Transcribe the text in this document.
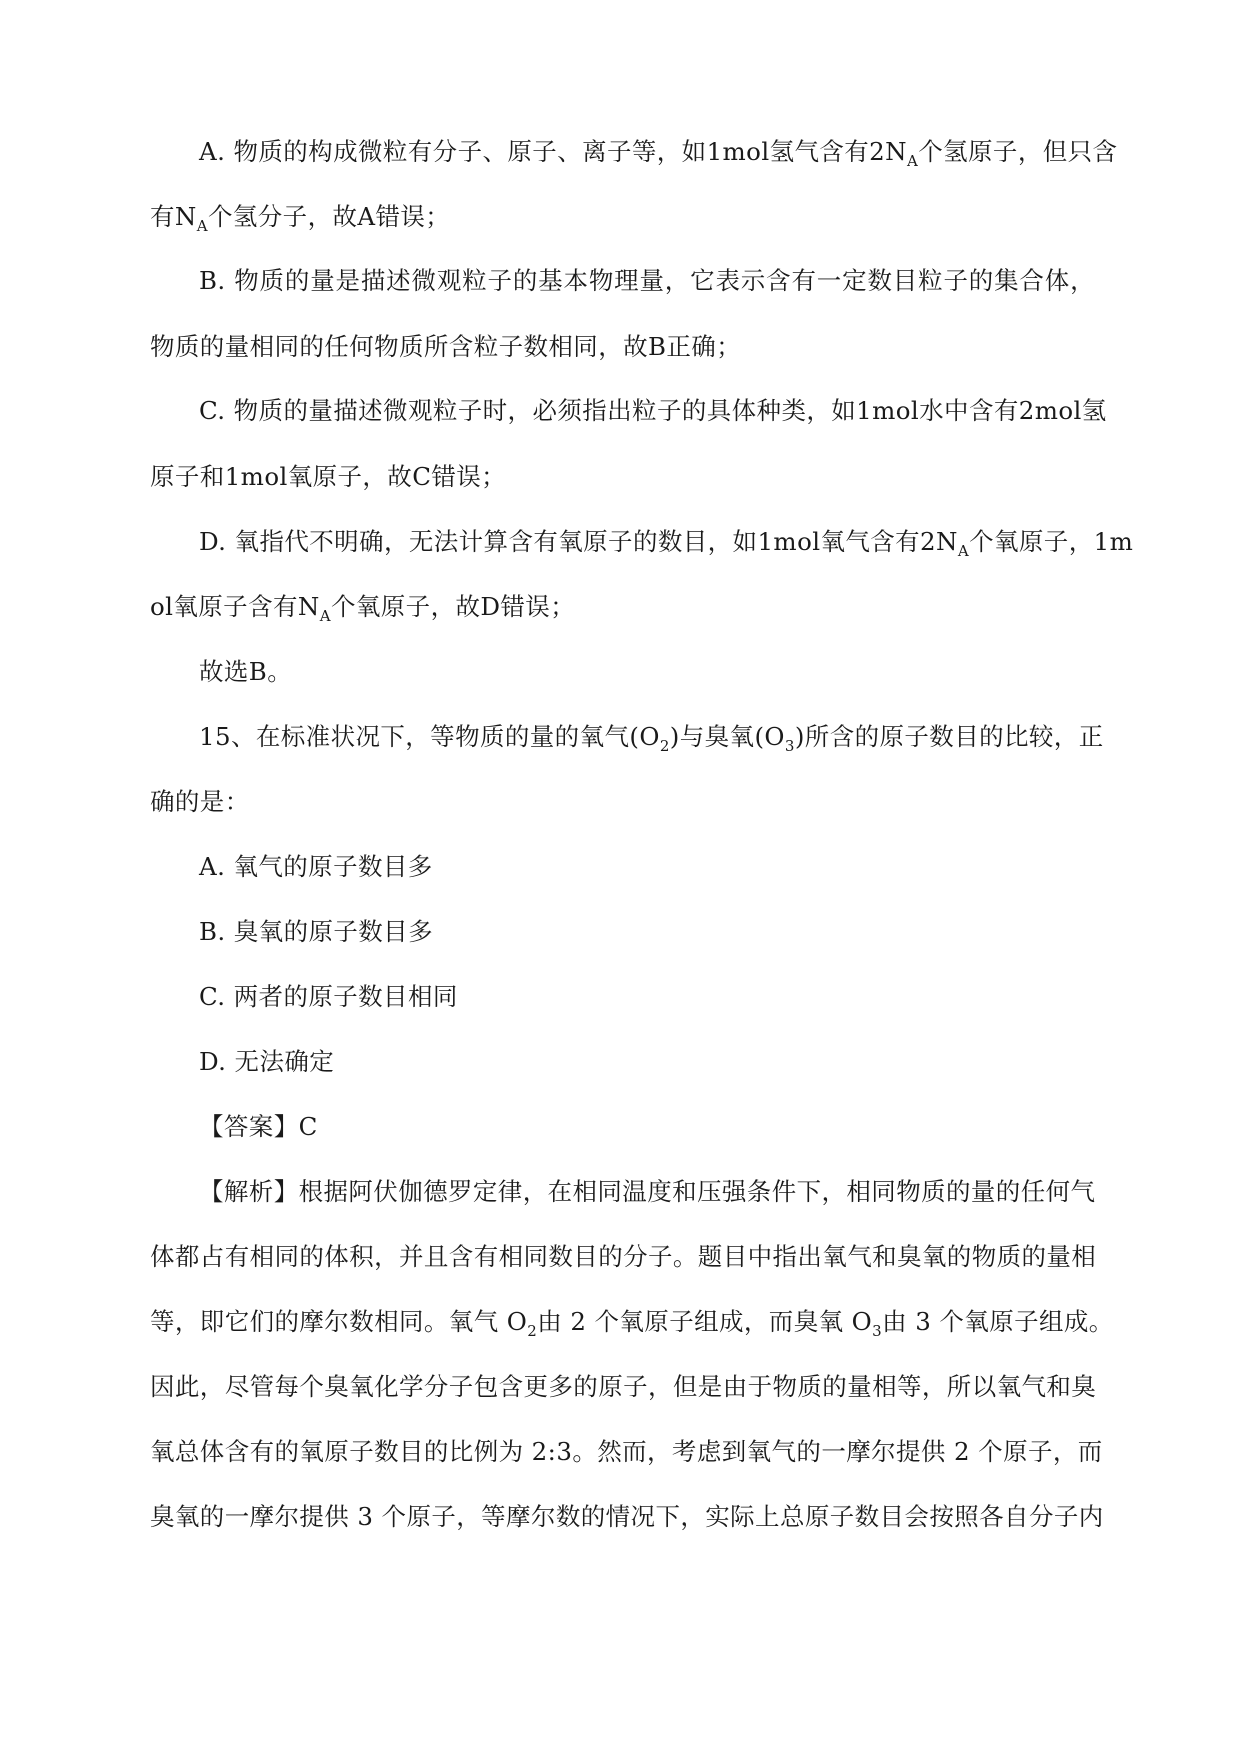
A. 物质的构成微粒有分子、原子、离子等，如1mol氢气含有$2N_A$个氢原子，但只含
有$N_A$个氢分子，故A错误；
B. 物质的量是描述微观粒子的基本物理量，它表示含有一定数目粒子的集合体，
物质的量相同的任何物质所含粒子数相同，故B正确；
C. 物质的量描述微观粒子时，必须指出粒子的具体种类，如1mol水中含有2mol氢
原子和1mol氧原子，故C错误；
D. 氧指代不明确，无法计算含有氧原子的数目，如1mol氧气含有$2N_A$个氧原子，1m
ol氧原子含有$N_A$个氧原子，故D错误；
故选B。
15、在标准状况下，等物质的量的氧气$(O_2)$与臭氧$(O_3)$所含的原子数目的比较，正
确的是：
A. 氧气的原子数目多
B. 臭氧的原子数目多
C. 两者的原子数目相同
D. 无法确定
【答案】C
【解析】根据阿伏伽德罗定律，在相同温度和压强条件下，相同物质的量的任何气
体都占有相同的体积，并且含有相同数目的分子。题目中指出氧气和臭氧的物质的量相
等，即它们的摩尔数相同。氧气 $O_2$由 2 个氧原子组成，而臭氧 $O_3$由 3 个氧原子组成。
因此，尽管每个臭氧化学分子包含更多的原子，但是由于物质的量相等，所以氧气和臭
氧总体含有的氧原子数目的比例为 2:3。然而，考虑到氧气的一摩尔提供 2 个原子，而
臭氧的一摩尔提供 3 个原子，等摩尔数的情况下，实际上总原子数目会按照各自分子内
